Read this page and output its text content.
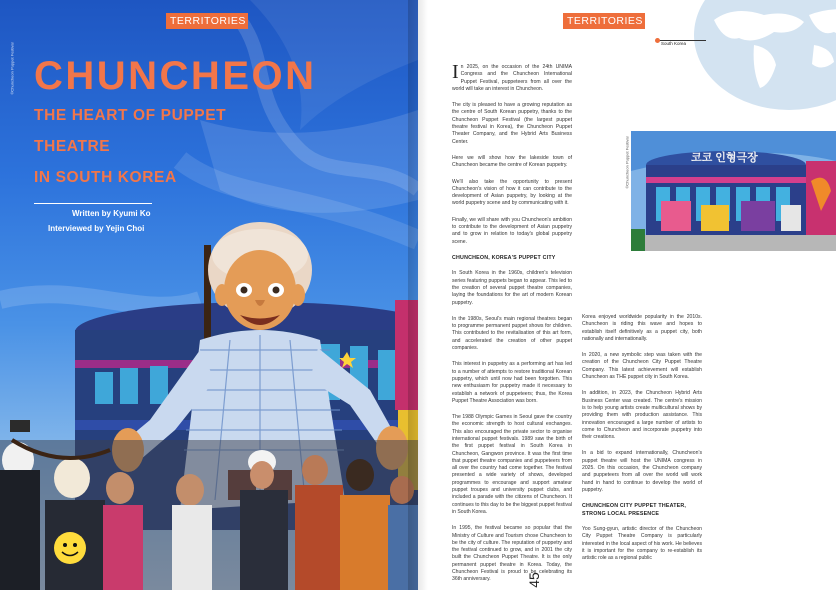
TERRITORIES
©Chuncheon Puppet Festival CHUNCHEON
THE HEART OF PUPPET THEATRE
IN SOUTH KOREA
Written by Kyumi Ko
Interviewed by Yejin Choi
TERRITORIES
South Korea

In 2025, on the occasion of the 24th UNIMA Congress and the Chuncheon International Puppet Festival, puppeteers from all over the world will take an interest in Chuncheon.

The city is pleased to have a growing reputation as the centre of South Korean puppetry, thanks to the Chuncheon Puppet Festival (the largest puppet theatre festival in Korea), the Chuncheon Puppet Theater Company, and the Hybrid Arts Business Center.

Here we will show how the lakeside town of Chuncheon became the centre of Korean puppetry.

We'll also take the opportunity to present Chuncheon's vision of how it can contribute to the development of Asian puppetry, by looking at the world puppetry scene and by communicating with it.

Finally, we will share with you Chuncheon's ambition to contribute to the development of Asian puppetry and to grow in relation to today's global puppetry scene.

CHUNCHEON, KOREA'S PUPPET CITY

In South Korea in the 1960s, children's television series featuring puppets began to appear. This led to the creation of several puppet theatre companies, laying the foundations for the art of modern Korean puppetry.

In the 1980s, Seoul's main regional theatres began to programme permanent puppet shows for children. This contributed to the revitalisation of this art form, and accelerated the creation of other puppet companies.

This interest in puppetry as a performing art has led to a number of attempts to restore traditional Korean puppetry, which until now had been forgotten. This new enthusiasm for puppetry made it necessary to establish a network of puppeteers; thus, the Korea Puppet Theatre Association was born.

The 1988 Olympic Games in Seoul gave the country the economic strength to host cultural exchanges. This also encouraged the private sector to organise international puppet festivals. 1989 saw the birth of the first puppet festival in South Korea in Chuncheon, Gangwon province. It was the first time that puppet theatre companies and puppeteers from all over the country had come together. The festival presented a wide variety of shows, developed programmes to encourage and support amateur puppet troupes and university puppet clubs, and included a parade with the citizens of Chuncheon. It continues to this day to be the biggest puppet festival in South Korea.

In 1995, the festival became so popular that the Ministry of Culture and Tourism chose Chuncheon to be the city of culture. The reputation of puppetry and the festival continued to grow, and in 2001 the city built the Chuncheon Puppet Theatre. It is the only permanent puppet theatre in Korea. Today, the Chuncheon Festival is proud to be celebrating its 36th anniversary.

코코 인형극장
©Chuncheon Puppet Festival

Korea enjoyed worldwide popularity in the 2010s. Chuncheon is riding this wave and hopes to establish itself definitively as a puppet city, both nationally and internationally.

In 2020, a new symbolic step was taken with the creation of the Chuncheon City Puppet Theatre Company. This latest achievement will establish Chuncheon as THE puppet city in South Korea.

In addition, in 2023, the Chuncheon Hybrid Arts Business Center was created. The centre's mission is to help young artists create multicultural shows by providing them with production assistance. This innovation encouraged a large number of artists to come to Chuncheon and incorporate puppetry into their creations.

In a bid to expand internationally, Chuncheon's puppet theatre will host the UNIMA congress in 2025. On this occasion, the Chuncheon company and puppeteers from all over the world will work hand in hand to continue to develop the world of puppetry.

CHUNCHEON CITY PUPPET THEATER, STRONG LOCAL PRESENCE

Yoo Sung-gyun, artistic director of the Chuncheon City Puppet Theatre Company is particularly interested in the local aspect of his work. He believes it is important for the company to re-establish its artistic role as a regional public

45
